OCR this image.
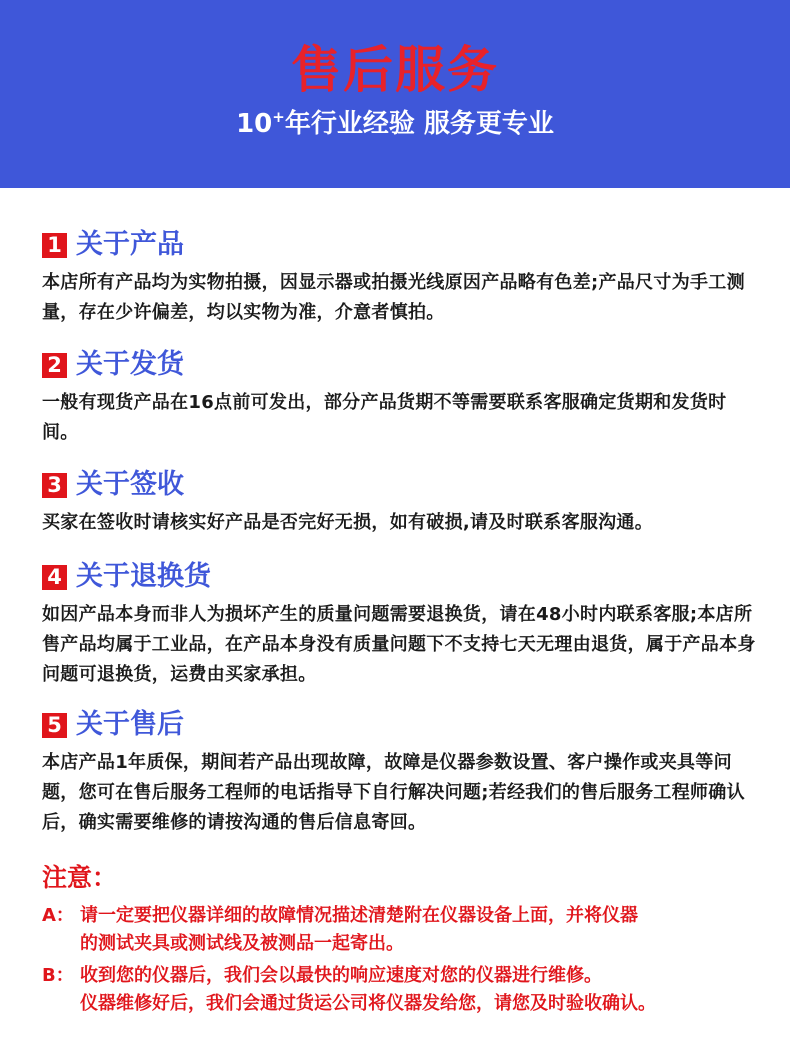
售后服务
10+年行业经验 服务更专业
1 关于产品
本店所有产品均为实物拍摄，因显示器或拍摄光线原因产品略有色差;产品尺寸为手工测量，存在少许偏差，均以实物为准，介意者慎拍。
2 关于发货
一般有现货产品在16点前可发出，部分产品货期不等需要联系客服确定货期和发货时间。
3 关于签收
买家在签收时请核实好产品是否完好无损，如有破损,请及时联系客服沟通。
4 关于退换货
如因产品本身而非人为损坏产生的质量问题需要退换货，请在48小时内联系客服;本店所售产品均属于工业品，在产品本身没有质量问题下不支持七天无理由退货，属于产品本身问题可退换货，运费由买家承担。
5 关于售后
本店产品1年质保，期间若产品出现故障，故障是仪器参数设置、客户操作或夹具等问题，您可在售后服务工程师的电话指导下自行解决问题;若经我们的售后服务工程师确认后，确实需要维修的请按沟通的售后信息寄回。
注意：
A： 请一定要把仪器详细的故障情况描述清楚附在仪器设备上面，并将仪器
的测试夹具或测试线及被测品一起寄出。
B： 收到您的仪器后，我们会以最快的响应速度对您的仪器进行维修。
仪器维修好后，我们会通过货运公司将仪器发给您，请您及时验收确认。
